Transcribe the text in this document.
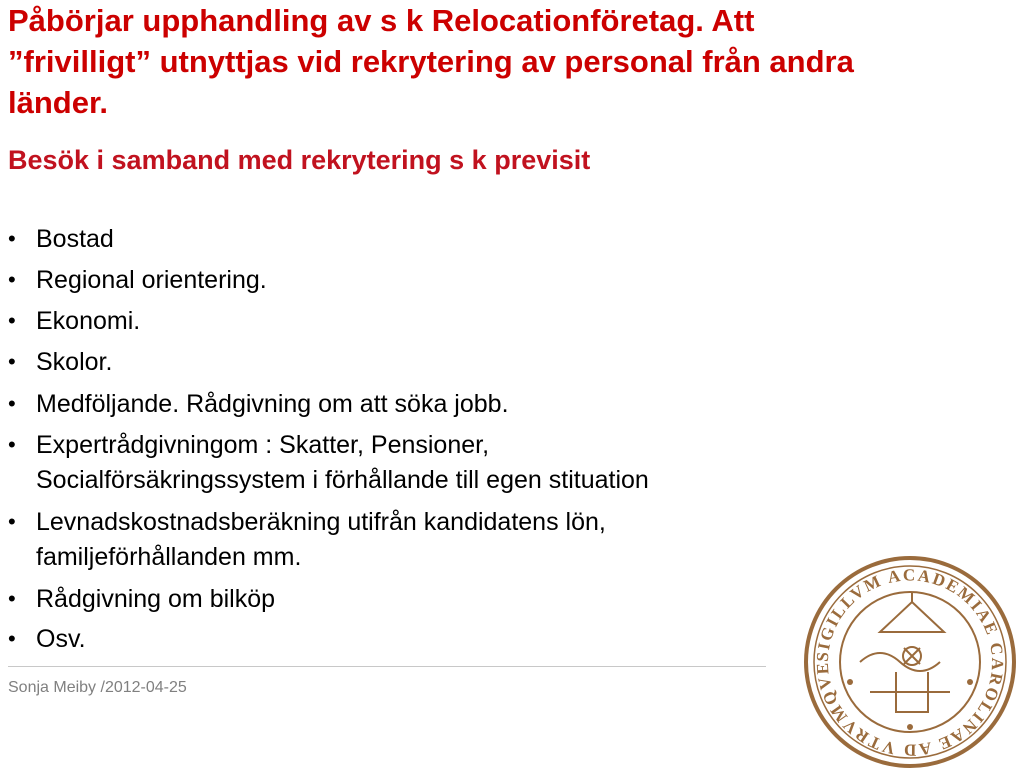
Påbörjar upphandling av s k Relocationföretag. Att ”frivilligt” utnyttjas vid rekrytering av personal från andra länder.
Besök i samband med rekrytering s k previsit
• Bostad
• Regional orientering.
• Ekonomi.
• Skolor.
• Medföljande. Rådgivning om att söka jobb.
• Expertrådgivningom : Skatter, Pensioner,
Socialförsäkringssystem i förhållande till egen stituation
• Levnadskostnadsberäkning utifrån kandidatens lön,
familjeförhållanden mm.
• Rådgivning om bilköp
• Osv.
Sonja Meiby /2012-04-25
SIGILLVM ACADEMIAE CAROLINAE AD VTRVMQVE
